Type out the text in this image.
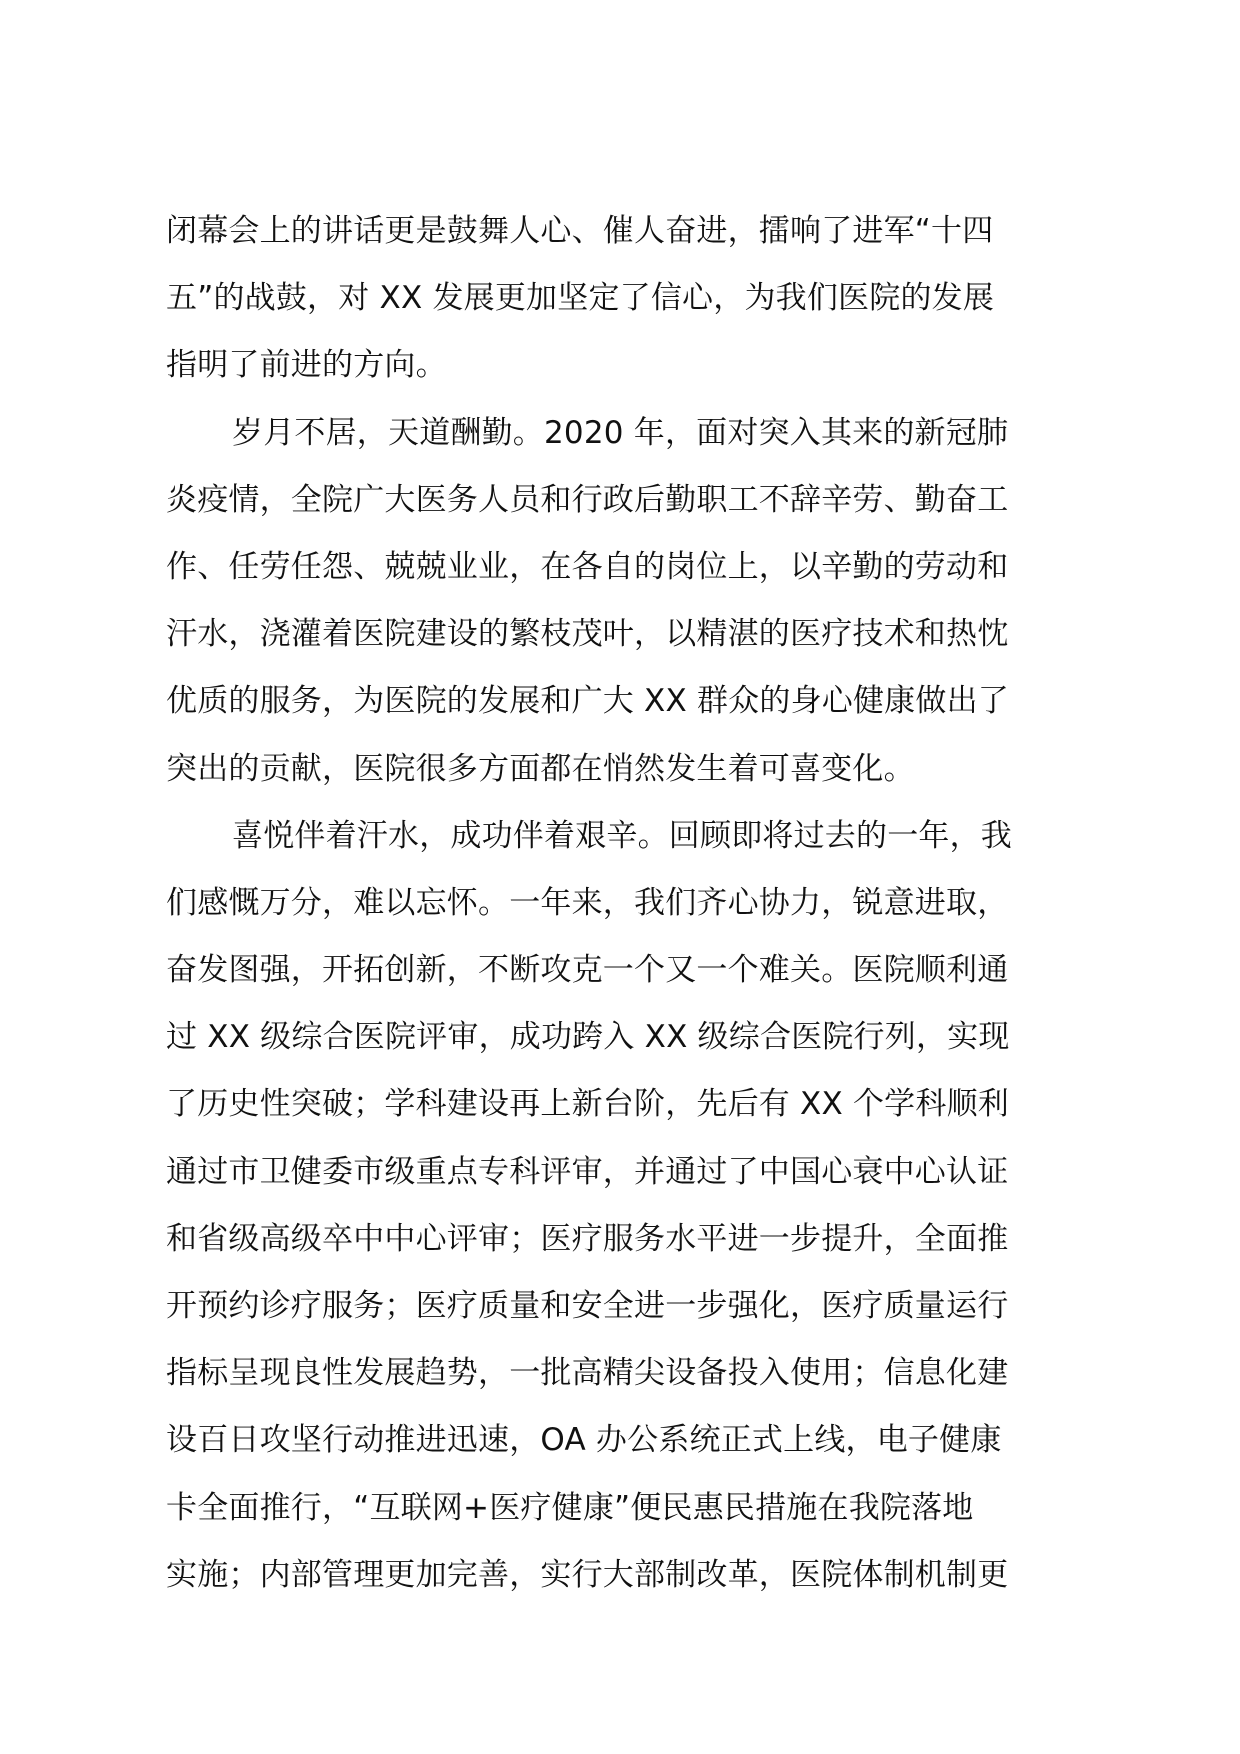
闭幕会上的讲话更是鼓舞人心、催人奋进，擂响了进军“十四
五”的战鼓，对 XX 发展更加坚定了信心，为我们医院的发展
指明了前进的方向。
岁月不居，天道酬勤。2020 年，面对突入其来的新冠肺
炎疫情，全院广大医务人员和行政后勤职工不辞辛劳、勤奋工
作、任劳任怨、兢兢业业，在各自的岗位上，以辛勤的劳动和
汗水，浇灌着医院建设的繁枝茂叶，以精湛的医疗技术和热忱
优质的服务，为医院的发展和广大 XX 群众的身心健康做出了
突出的贡献，医院很多方面都在悄然发生着可喜变化。
喜悦伴着汗水，成功伴着艰辛。回顾即将过去的一年，我
们感慨万分，难以忘怀。一年来，我们齐心协力，锐意进取，
奋发图强，开拓创新，不断攻克一个又一个难关。医院顺利通
过 XX 级综合医院评审，成功跨入 XX 级综合医院行列，实现
了历史性突破；学科建设再上新台阶，先后有 XX 个学科顺利
通过市卫健委市级重点专科评审，并通过了中国心衰中心认证
和省级高级卒中中心评审；医疗服务水平进一步提升，全面推
开预约诊疗服务；医疗质量和安全进一步强化，医疗质量运行
指标呈现良性发展趋势，一批高精尖设备投入使用；信息化建
设百日攻坚行动推进迅速，OA 办公系统正式上线，电子健康
卡全面推行，“互联网+医疗健康”便民惠民措施在我院落地
实施；内部管理更加完善，实行大部制改革，医院体制机制更
